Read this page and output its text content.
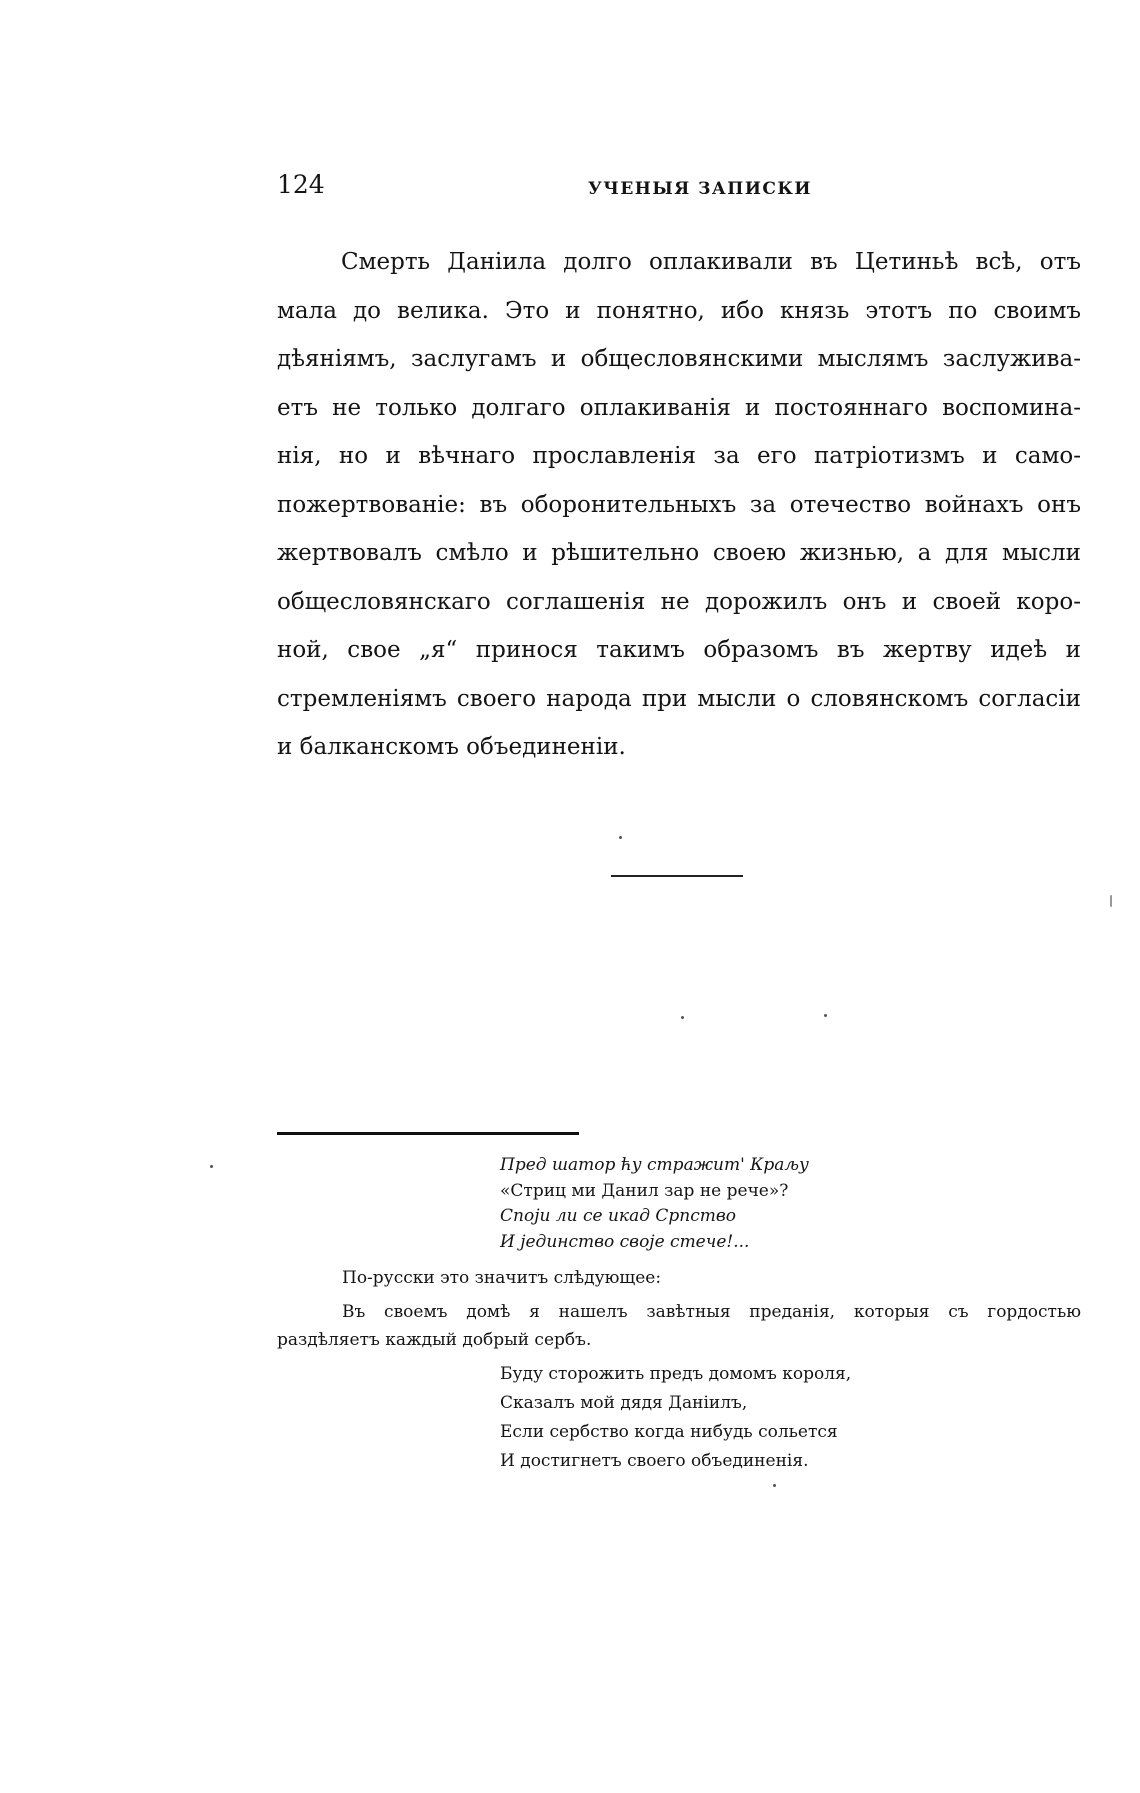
124	УЧЕНЫЯ ЗАПИСКИ
Смерть Даніила долго оплакивали въ Цетиньѣ всѣ, отъ
мала до велика. Это и понятно, ибо князь этотъ по своимъ
дѣяніямъ, заслугамъ и общесловянскими мыслямъ заслужива-
етъ не только долгаго оплакиванія и постояннаго воспомина-
нія, но и вѣчнаго прославленія за его патріотизмъ и само-
пожертвованіе: въ оборонительныхъ за отечество войнахъ онъ
жертвовалъ смѣло и рѣшительно своею жизнью, а для мысли
общесловянскаго соглашенія не дорожилъ онъ и своей коро-
ной, свое „я“ принося такимъ образомъ въ жертву идеѣ и
стремленіямъ своего народа при мысли о словянскомъ согласіи
и балканскомъ объединеніи.
Пред шатор ћу стражит' Краљу
«Стриц ми Данил зар не рече»?
Споји ли се икад Српство
И јединство своје стече!...
По-русски это значитъ слѣдующее:
Въ своемъ домѣ я нашелъ завѣтныя преданія, которыя съ гордостью
раздѣляетъ каждый добрый сербъ.
Буду сторожить предъ домомъ короля,
Сказалъ мой дядя Даніилъ,
Если сербство когда нибудь сольется
И достигнетъ своего объединенія.
